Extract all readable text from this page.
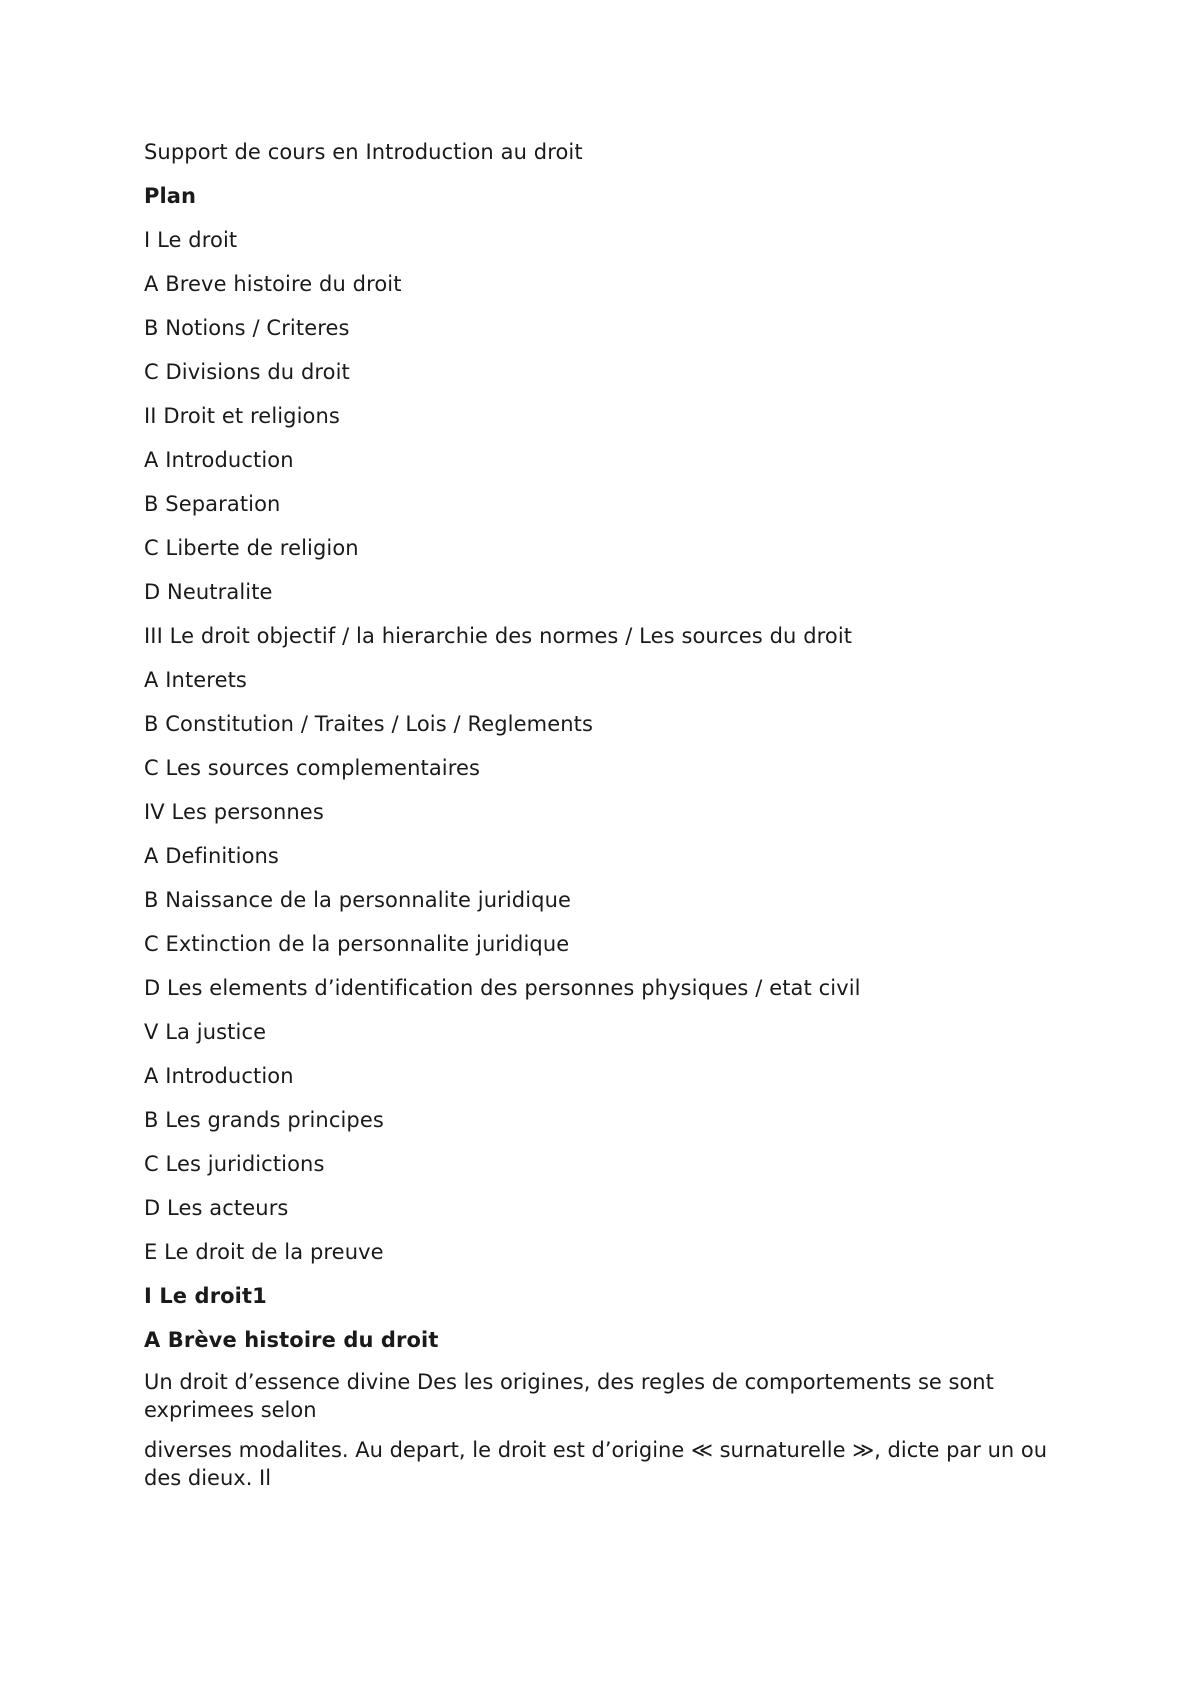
Support de cours en Introduction au droit

Plan

I Le droit

A Breve histoire du droit

B Notions / Criteres

C Divisions du droit

II Droit et religions

A Introduction

B Separation

C Liberte de religion

D Neutralite

III Le droit objectif / la hierarchie des normes / Les sources du droit

A Interets

B Constitution / Traites / Lois / Reglements

C Les sources complementaires

IV Les personnes

A Definitions

B Naissance de la personnalite juridique

C Extinction de la personnalite juridique

D Les elements d’identification des personnes physiques / etat civil

V La justice

A Introduction

B Les grands principes

C Les juridictions

D Les acteurs

E Le droit de la preuve

I Le droit1

A Brève histoire du droit

Un droit d’essence divine Des les origines, des regles de comportements se sont exprimees selon

diverses modalites. Au depart, le droit est d’origine ≪ surnaturelle ≫, dicte par un ou des dieux. Il
